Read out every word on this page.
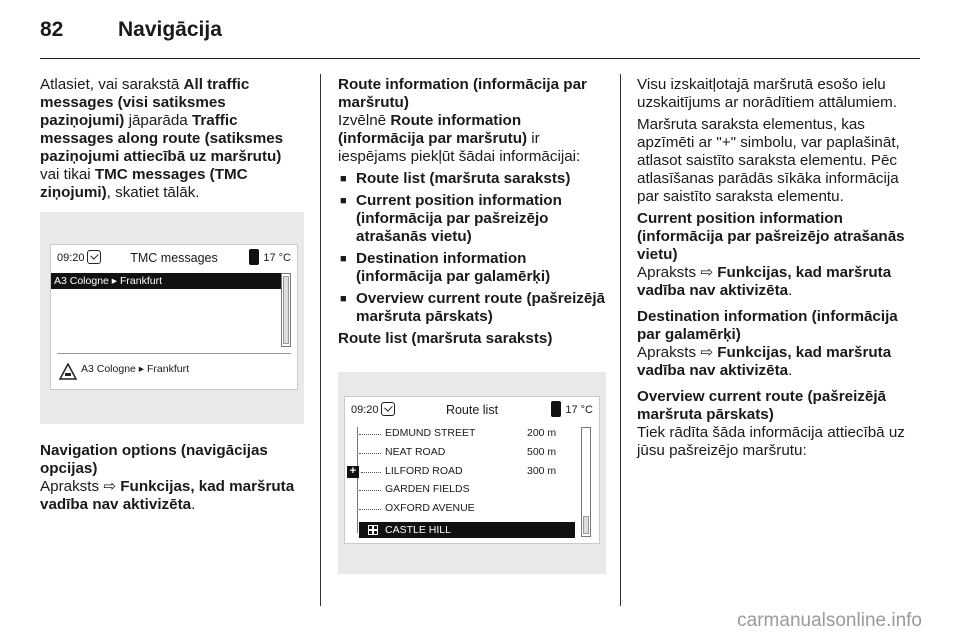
82	Navigācija

Atlasiet, vai sarakstā All traffic messages (visi satiksmes paziņojumi) jāparāda Traffic messages along route (satiksmes paziņojumi attiecībā uz maršrutu) vai tikai TMC messages (TMC ziņojumi), skatiet tālāk.

09:20	TMC messages	17 °C
A3 Cologne ▸ Frankfurt
A3 Cologne ▸ Frankfurt

Navigation options (navigācijas opcijas)

Apraksts ⇨ Funkcijas, kad maršruta vadība nav aktivizēta.

Route information (informācija par maršrutu)

Izvēlnē Route information (informācija par maršrutu) ir iespējams piekļūt šādai informācijai:

■ Route list (maršruta saraksts)
■ Current position information (informācija par pašreizējo atrašanās vietu)
■ Destination information (informācija par galamērķi)
■ Overview current route (pašreizējā maršruta pārskats)

Route list (maršruta saraksts)

09:20	Route list	17 °C
EDMUND STREET	200 m
NEAT ROAD	500 m
+	LILFORD ROAD	300 m
GARDEN FIELDS
OXFORD AVENUE
CASTLE HILL

Visu izskaitļotajā maršrutā esošo ielu uzskaitījums ar norādītiem attālumiem.

Maršruta saraksta elementus, kas apzīmēti ar "+" simbolu, var paplašināt, atlasot saistīto saraksta elementu. Pēc atlasīšanas parādās sīkāka informācija par saistīto saraksta elementu.

Current position information (informācija par pašreizējo atrašanās vietu)

Apraksts ⇨ Funkcijas, kad maršruta vadība nav aktivizēta.

Destination information (informācija par galamērķi)

Apraksts ⇨ Funkcijas, kad maršruta vadība nav aktivizēta.

Overview current route (pašreizējā maršruta pārskats)

Tiek rādīta šāda informācija attiecībā uz jūsu pašreizējo maršrutu:

carmanualsonline.info
